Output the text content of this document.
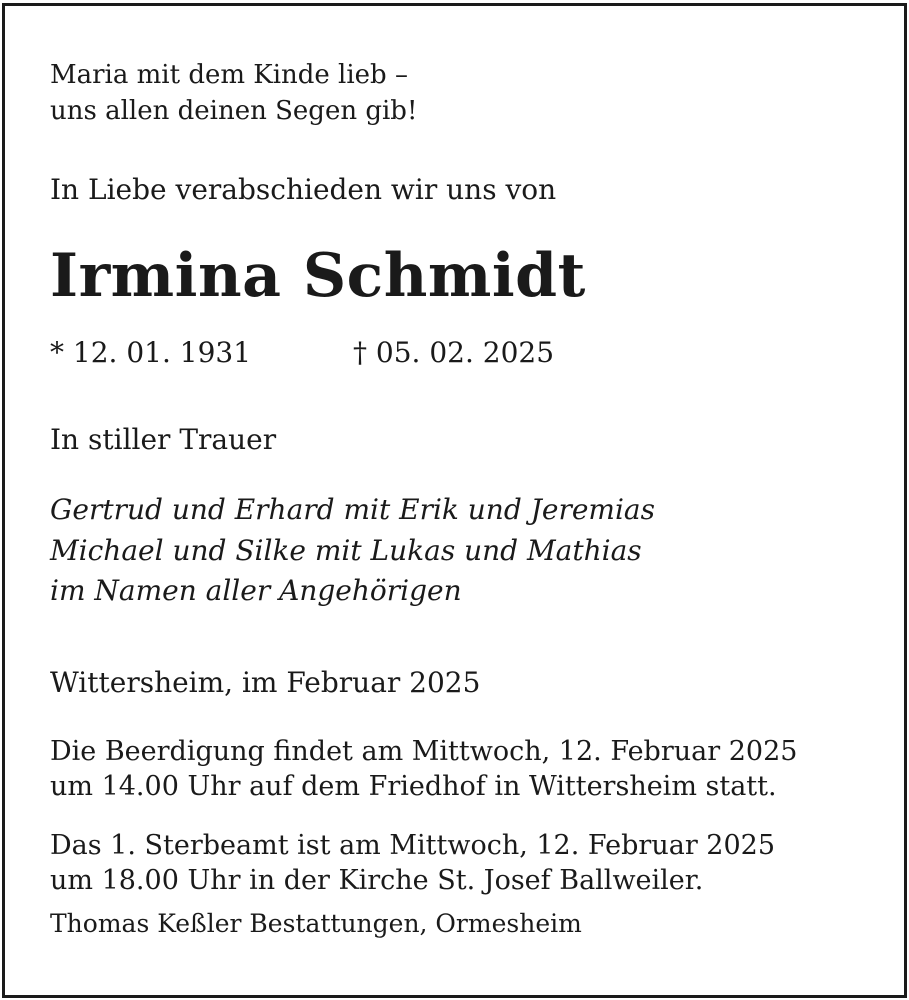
Maria mit dem Kinde lieb –
uns allen deinen Segen gib!
In Liebe verabschieden wir uns von
Irmina Schmidt
* 12. 01. 1931	† 05. 02. 2025
In stiller Trauer
Gertrud und Erhard mit Erik und Jeremias
Michael und Silke mit Lukas und Mathias
im Namen aller Angehörigen
Wittersheim, im Februar 2025
Die Beerdigung findet am Mittwoch, 12. Februar 2025
um 14.00 Uhr auf dem Friedhof in Wittersheim statt.
Das 1. Sterbeamt ist am Mittwoch, 12. Februar 2025
um 18.00 Uhr in der Kirche St. Josef Ballweiler.
Thomas Keßler Bestattungen, Ormesheim
